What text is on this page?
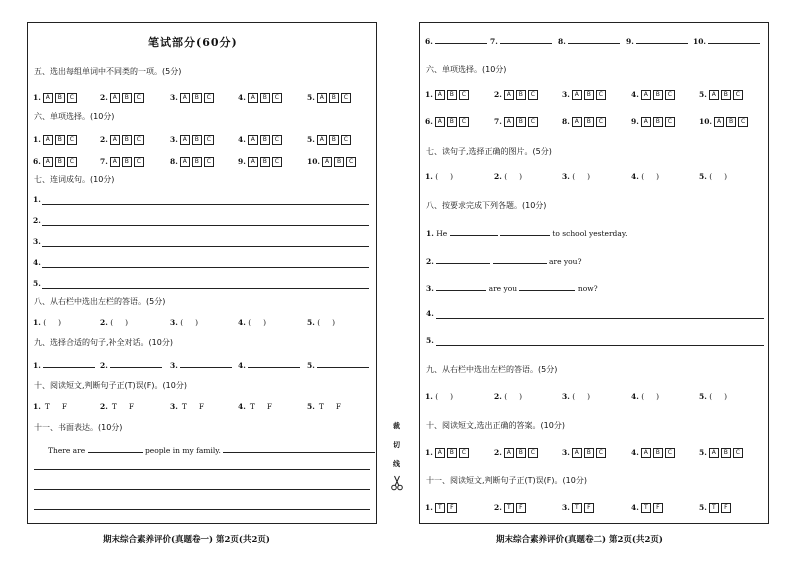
笔试部分(60分)
五、选出每组单词中不同类的一项。(5分)
1. A B C	2. A B C	3. A B C	4. A B C	5. A B C
六、单项选择。(10分)
1. A B C	2. A B C	3. A B C	4. A B C	5. A B C
6. A B C	7. A B C	8. A B C	9. A B C	10. A B C
七、连词成句。(10分)
1.
2.
3.
4.
5.
八、从右栏中选出左栏的答语。(5分)
1. (     )	2. (     )	3. (     )	4. (     )	5. (     )
九、选择合适的句子,补全对话。(10分)
1.	2.	3.	4.	5.
十、阅读短文,判断句子正(T)误(F)。(10分)
1. T F	2. T F	3. T F	4. T F	5. T F
十一、书面表达。(10分)
There are	people in my family.
裁
切
线
6.	7.	8.	9.	10.
六、单项选择。(10分)
1. A B C	2. A B C	3. A B C	4. A B C	5. A B C
6. A B C	7. A B C	8. A B C	9. A B C	10. A B C
七、读句子,选择正确的图片。(5分)
1. (     )	2. (     )	3. (     )	4. (     )	5. (     )
八、按要求完成下列各题。(10分)
1. He	to school yesterday.
2.	are you?
3.	are you	now?
4.
5.
九、从右栏中选出左栏的答语。(5分)
1. (     )	2. (     )	3. (     )	4. (     )	5. (     )
十、阅读短文,选出正确的答案。(10分)
1. A B C	2. A B C	3. A B C	4. A B C	5. A B C
十一、阅读短文,判断句子正(T)误(F)。(10分)
1. T F	2. T F	3. T F	4. T F	5. T F
期末综合素养评价(真题卷一) 第2页(共2页)	期末综合素养评价(真题卷二) 第2页(共2页)
